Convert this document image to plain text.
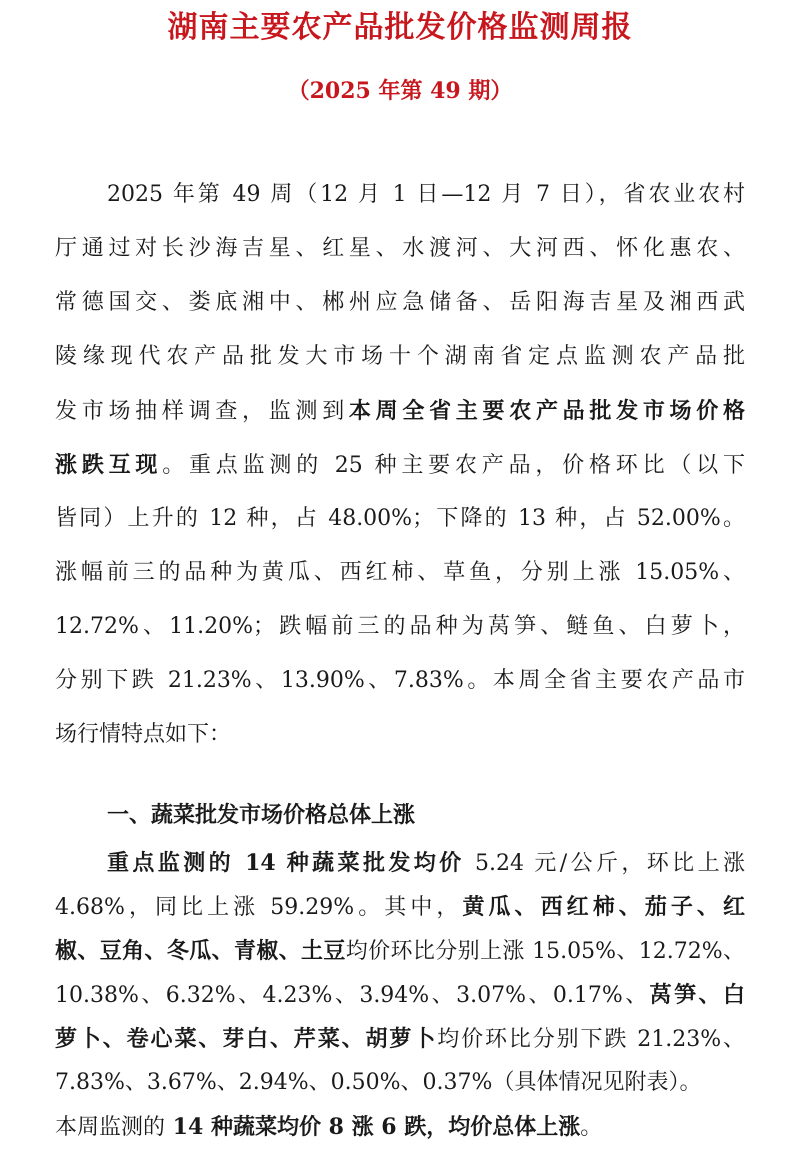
湖南主要农产品批发价格监测周报
（2025 年第 49 期）
2025 年第 49 周（12 月 1 日—12 月 7 日），省农业农村
厅通过对长沙海吉星、红星、水渡河、大河西、怀化惠农、
常德国交、娄底湘中、郴州应急储备、岳阳海吉星及湘西武
陵缘现代农产品批发大市场十个湖南省定点监测农产品批
发市场抽样调查，监测到本周全省主要农产品批发市场价格
涨跌互现。重点监测的 25 种主要农产品，价格环比（以下
皆同）上升的 12 种，占 48.00%；下降的 13 种，占 52.00%。
涨幅前三的品种为黄瓜、西红柿、草鱼，分别上涨 15.05%、
12.72%、11.20%；跌幅前三的品种为莴笋、鲢鱼、白萝卜，
分别下跌 21.23%、13.90%、7.83%。本周全省主要农产品市
场行情特点如下：
一、蔬菜批发市场价格总体上涨
重点监测的 14 种蔬菜批发均价 5.24 元/公斤，环比上涨
4.68%，同比上涨 59.29%。其中，黄瓜、西红柿、茄子、红
椒、豆角、冬瓜、青椒、土豆均价环比分别上涨 15.05%、12.72%、
10.38%、6.32%、4.23%、3.94%、3.07%、0.17%、莴笋、白
萝卜、卷心菜、芽白、芹菜、胡萝卜均价环比分别下跌 21.23%、
7.83%、3.67%、2.94%、0.50%、0.37%（具体情况见附表）。
本周监测的 14 种蔬菜均价 8 涨 6 跌，均价总体上涨。
